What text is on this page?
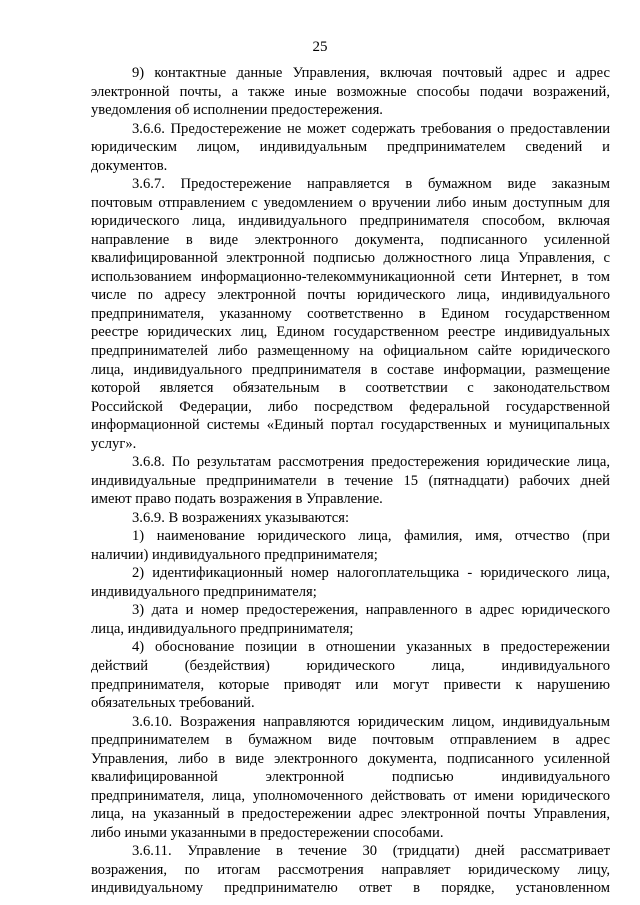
25
9) контактные данные Управления, включая почтовый адрес и адрес
электронной почты, а также иные возможные способы подачи возражений,
уведомления об исполнении предостережения.
3.6.6. Предостережение не может содержать требования о предоставлении
юридическим лицом, индивидуальным предпринимателем сведений и
документов.
3.6.7. Предостережение направляется в бумажном виде заказным
почтовым отправлением с уведомлением о вручении либо иным доступным для
юридического лица, индивидуального предпринимателя способом, включая
направление в виде электронного документа, подписанного усиленной
квалифицированной электронной подписью должностного лица Управления, с
использованием информационно-телекоммуникационной сети Интернет, в том
числе по адресу электронной почты юридического лица, индивидуального
предпринимателя, указанному соответственно в Едином государственном
реестре юридических лиц, Едином государственном реестре индивидуальных
предпринимателей либо размещенному на официальном сайте юридического
лица, индивидуального предпринимателя в составе информации, размещение
которой является обязательным в соответствии с законодательством
Российской Федерации, либо посредством федеральной государственной
информационной системы «Единый портал государственных и муниципальных
услуг».
3.6.8. По результатам рассмотрения предостережения юридические лица,
индивидуальные предприниматели в течение 15 (пятнадцати) рабочих дней
имеют право подать возражения в Управление.
3.6.9. В возражениях указываются:
1) наименование юридического лица, фамилия, имя, отчество (при
наличии) индивидуального предпринимателя;
2) идентификационный номер налогоплательщика - юридического лица,
индивидуального предпринимателя;
3) дата и номер предостережения, направленного в адрес юридического
лица, индивидуального предпринимателя;
4) обоснование позиции в отношении указанных в предостережении
действий (бездействия) юридического лица, индивидуального
предпринимателя, которые приводят или могут привести к нарушению
обязательных требований.
3.6.10. Возражения направляются юридическим лицом, индивидуальным
предпринимателем в бумажном виде почтовым отправлением в адрес
Управления, либо в виде электронного документа, подписанного усиленной
квалифицированной электронной подписью индивидуального
предпринимателя, лица, уполномоченного действовать от имени юридического
лица, на указанный в предостережении адрес электронной почты Управления,
либо иными указанными в предостережении способами.
3.6.11. Управление в течение 30 (тридцати) дней рассматривает
возражения, по итогам рассмотрения направляет юридическому лицу,
индивидуальному предпринимателю ответ в порядке, установленном
